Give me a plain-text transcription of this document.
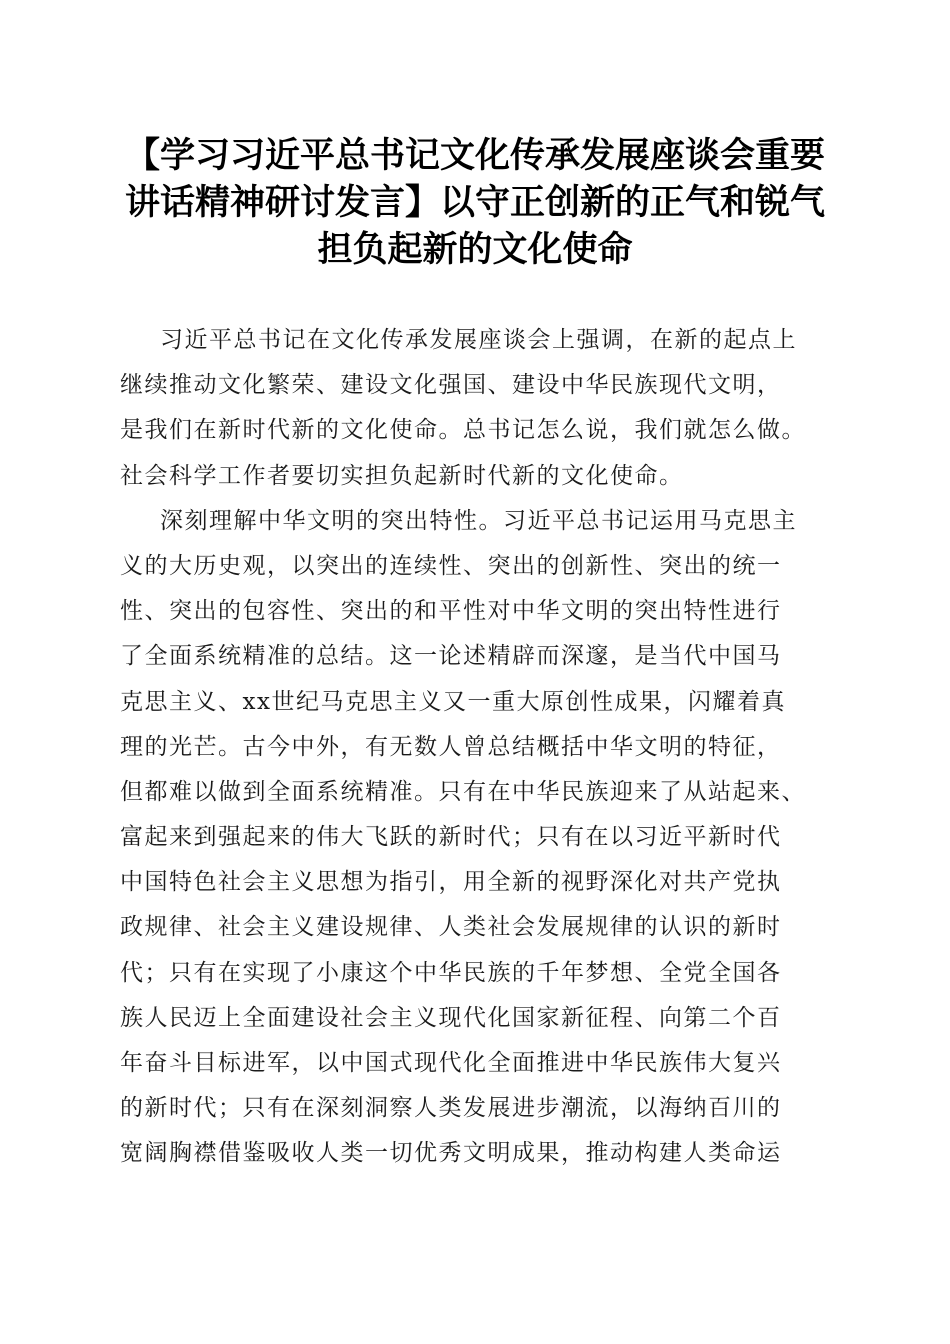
【学习习近平总书记文化传承发展座谈会重要
讲话精神研讨发言】以守正创新的正气和锐气
担负起新的文化使命
习近平总书记在文化传承发展座谈会上强调，在新的起点上
继续推动文化繁荣、建设文化强国、建设中华民族现代文明，
是我们在新时代新的文化使命。总书记怎么说，我们就怎么做。
社会科学工作者要切实担负起新时代新的文化使命。
深刻理解中华文明的突出特性。习近平总书记运用马克思主
义的大历史观，以突出的连续性、突出的创新性、突出的统一
性、突出的包容性、突出的和平性对中华文明的突出特性进行
了全面系统精准的总结。这一论述精辟而深邃，是当代中国马
克思主义、xx世纪马克思主义又一重大原创性成果，闪耀着真
理的光芒。古今中外，有无数人曾总结概括中华文明的特征，
但都难以做到全面系统精准。只有在中华民族迎来了从站起来、
富起来到强起来的伟大飞跃的新时代；只有在以习近平新时代
中国特色社会主义思想为指引，用全新的视野深化对共产党执
政规律、社会主义建设规律、人类社会发展规律的认识的新时
代；只有在实现了小康这个中华民族的千年梦想、全党全国各
族人民迈上全面建设社会主义现代化国家新征程、向第二个百
年奋斗目标进军，以中国式现代化全面推进中华民族伟大复兴
的新时代；只有在深刻洞察人类发展进步潮流，以海纳百川的
宽阔胸襟借鉴吸收人类一切优秀文明成果，推动构建人类命运
